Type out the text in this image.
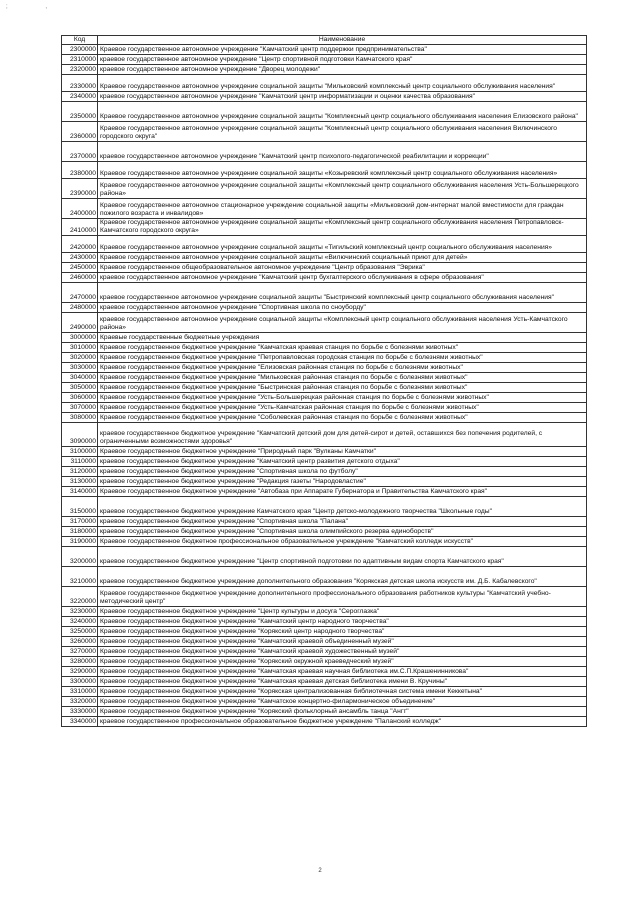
; ,
Код	Наименование
2300000	Краевое государственное автономное учреждение "Камчатский центр поддержки предпринимательства"
2310000	краевое государственное автономное учреждение "Центр спортивной подготовки Камчатского края"
2320000	краевое государственное автономное учреждение "Дворец молодежи"
2330000	Краевое государственное автономное учреждение социальной защиты "Мильковский комплексный центр социального обслуживания населения"
2340000	краевое государственное автономное учреждение "Камчатский центр информатизации и оценки качества образования"
2350000	Краевое государственное автономное учреждение социальной защиты "Комплексный центр социального обслуживания населения Елизовского района"
2360000	Краевое государственное автономное учреждение социальной защиты "Комплексный центр социального обслуживания населения Вилючинского городского округа"
2370000	краевое государственное автономное учреждение "Камчатский центр психолого-педагогической реабилитации и коррекции"
2380000	Краевое государственное автономное учреждение социальной защиты «Козыревский комплексный центр социального обслуживания населения»
2390000	Краевое государственное автономное учреждение социальной защиты «Комплексный центр социального обслуживания населения Усть-Большерецкого района»
2400000	Краевое государственное автономное стационарное учреждение социальной защиты «Мильковский дом-интернат малой вместимости для граждан пожилого возраста и инвалидов»
2410000	Краевое государственное автономное учреждение социальной защиты «Комплексный центр социального обслуживания населения Петропавловск-Камчатского городского округа»
2420000	Краевое государственное автономное учреждение социальной защиты «Тигильский комплексный центр социального обслуживания населения»
2430000	Краевое государственное автономное учреждение социальной защиты «Вилючинский социальный приют для детей»
2450000	Краевое государственное общеобразовательное автономное учреждение "Центр образования "Эврика"
2460000	краевое государственное автономное учреждение "Камчатский центр бухгалтерского обслуживания в сфере образования"
2470000	краевое государственное автономное учреждение социальной защиты "Быстринский комплексный центр социального обслуживания населения"
2480000	краевое государственное автономное учреждение "Спортивная школа по сноуборду"
2490000	краевое государственное автономное учреждение социальной защиты «Комплексный центр социального обслуживания населения Усть-Камчатского района»
3000000	Краевые государственные бюджетные учреждения
3010000	Краевое государственное бюджетное учреждение "Камчатская краевая станция по борьбе с болезнями животных"
3020000	Краевое государственное бюджетное учреждение "Петропавловская городская станция по борьбе с болезнями животных"
3030000	Краевое государственное бюджетное учреждение "Елизовская районная станция по борьбе с болезнями животных"
3040000	Краевое государственное бюджетное учреждение "Мильковская районная станция по борьбе с болезнями животных"
3050000	Краевое государственное бюджетное учреждение "Быстринская районная станция по борьбе с болезнями животных"
3060000	Краевое государственное бюджетное учреждение "Усть-Большерецкая районная станция по борьбе с болезнями животных"
3070000	Краевое государственное бюджетное учреждение "Усть-Камчатская районная станция по борьбе с болезнями животных"
3080000	Краевое государственное бюджетное учреждение "Соболевская районная станция по борьбе с болезнями животных"
3090000	краевое государственное бюджетное учреждение "Камчатский детский дом для детей-сирот и детей, оставшихся без попечения родителей, с ограниченными возможностями здоровья"
3100000	Краевое государственное бюджетное учреждение "Природный парк "Вулканы Камчатки"
3110000	краевое государственное бюджетное учреждение "Камчатский центр развития детского отдыха"
3120000	краевое государственное бюджетное учреждение "Спортивная школа по футболу"
3130000	краевое государственное бюджетное учреждение "Редакция газеты "Народовластие"
3140000	Краевое государственное бюджетное учреждение "Автобаза при Аппарате Губернатора и Правительства Камчатского края"
3150000	краевое государственное бюджетное учреждение Камчатского края "Центр детско-молодежного творчества "Школьные годы"
3170000	краевое государственное бюджетное учреждение "Спортивная школа "Палана"
3180000	краевое государственное бюджетное учреждение "Спортивная школа олимпийского резерва единоборств"
3190000	Краевое государственное бюджетное профессиональное образовательное учреждение "Камчатский колледж искусств"
3200000	краевое государственное бюджетное учреждение "Центр спортивной подготовки по адаптивным видам спорта Камчатского края"
3210000	краевое государственное бюджетное учреждение дополнительного образования "Корякская детская школа искусств им. Д.Б. Кабалевского"
3220000	Краевое государственное бюджетное учреждение дополнительного профессионального образования работников культуры "Камчатский учебно-методический центр"
3230000	Краевое государственное бюджетное учреждение "Центр культуры и досуга "Сероглазка"
3240000	Краевое государственное бюджетное учреждение "Камчатский центр народного творчества"
3250000	Краевое государственное бюджетное учреждение "Корякский центр народного творчества"
3260000	Краевое государственное бюджетное учреждение "Камчатский краевой объединенный музей"
3270000	Краевое государственное бюджетное учреждение "Камчатский краевой художественный музей"
3280000	Краевое государственное бюджетное учреждение "Корякский окружной краеведческий музей"
3290000	Краевое государственное бюджетное учреждение "Камчатская краевая научная библиотека им.С.П.Крашенинникова"
3300000	Краевое государственное бюджетное учреждение "Камчатская краевая детская библиотека имени В. Кручины"
3310000	Краевое государственное бюджетное учреждение "Корякская централизованная библиотечная система имени Кеккетына"
3320000	Краевое государственное бюджетное учреждение "Камчатское концертно-филармоническое объединение"
3330000	Краевое государственное бюджетное учреждение "Корякский фольклорный ансамбль танца "Ангт"
3340000	краевое государственное профессиональное образовательное бюджетное учреждение "Паланский колледж"
2
